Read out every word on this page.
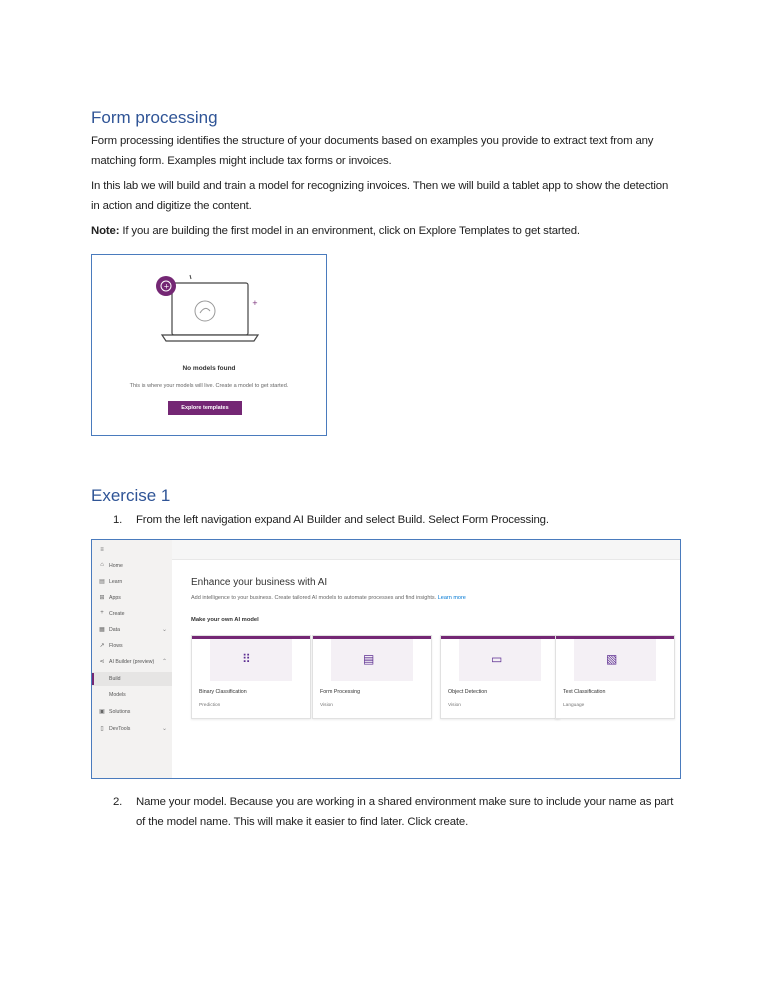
Form processing
Form processing identifies the structure of your documents based on examples you provide to extract text from any matching form. Examples might include tax forms or invoices.
In this lab we will build and train a model for recognizing invoices. Then we will build a tablet app to show the detection in action and digitize the content.
Note: If you are building the first model in an environment, click on Explore Templates to get started.
+
+
No models found
This is where your models will live. Create a model to get started.
Explore templates
Exercise 1
1. From the left navigation expand AI Builder and select Build. Select Form Processing.
≡
⌂ Home
▤ Learn
⊞ Apps
+	Create
▦ Data	⌄
↗ Flows
⋖ AI Builder (preview) ⌃
Build
Models
▣ Solutions
▯	DevTools	⌄
Enhance your business with AI
Add intelligence to your business. Create tailored AI models to automate processes and find insights. Learn more
Make your own AI model
⠿
Binary Classification
Prediction
▤
Form Processing
Vision
▭
Object Detection
Vision
▧
Text Classification
Language
2. Name your model. Because you are working in a shared environment make sure to include your name as part of the model name. This will make it easier to find later. Click create.
